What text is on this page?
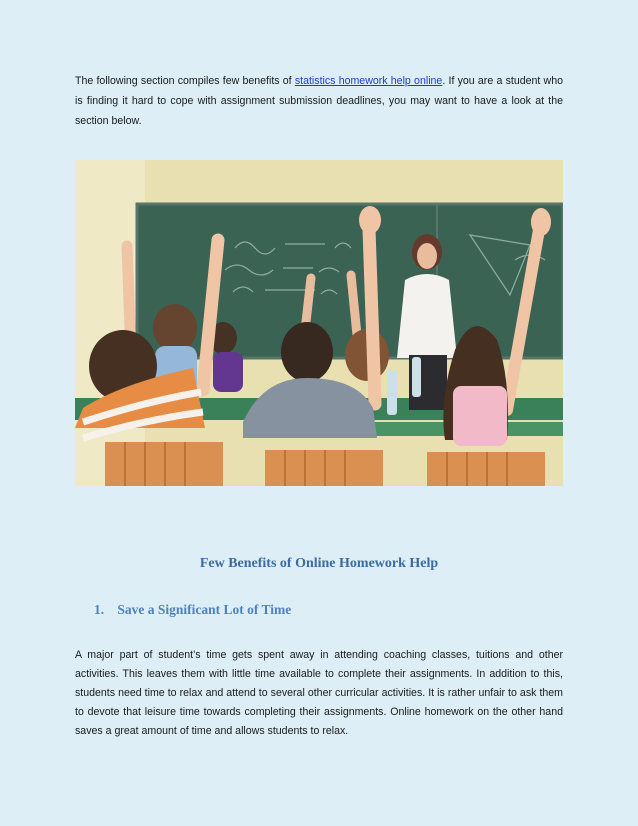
The following section compiles few benefits of statistics homework help online. If you are a student who is finding it hard to cope with assignment submission deadlines, you may want to have a look at the section below.

Few Benefits of Online Homework Help
1. Save a Significant Lot of Time

A major part of student’s time gets spent away in attending coaching classes, tuitions and other activities. This leaves them with little time available to complete their assignments. In addition to this, students need time to relax and attend to several other curricular activities. It is rather unfair to ask them to devote that leisure time towards completing their assignments. Online homework on the other hand saves a great amount of time and allows students to relax.
